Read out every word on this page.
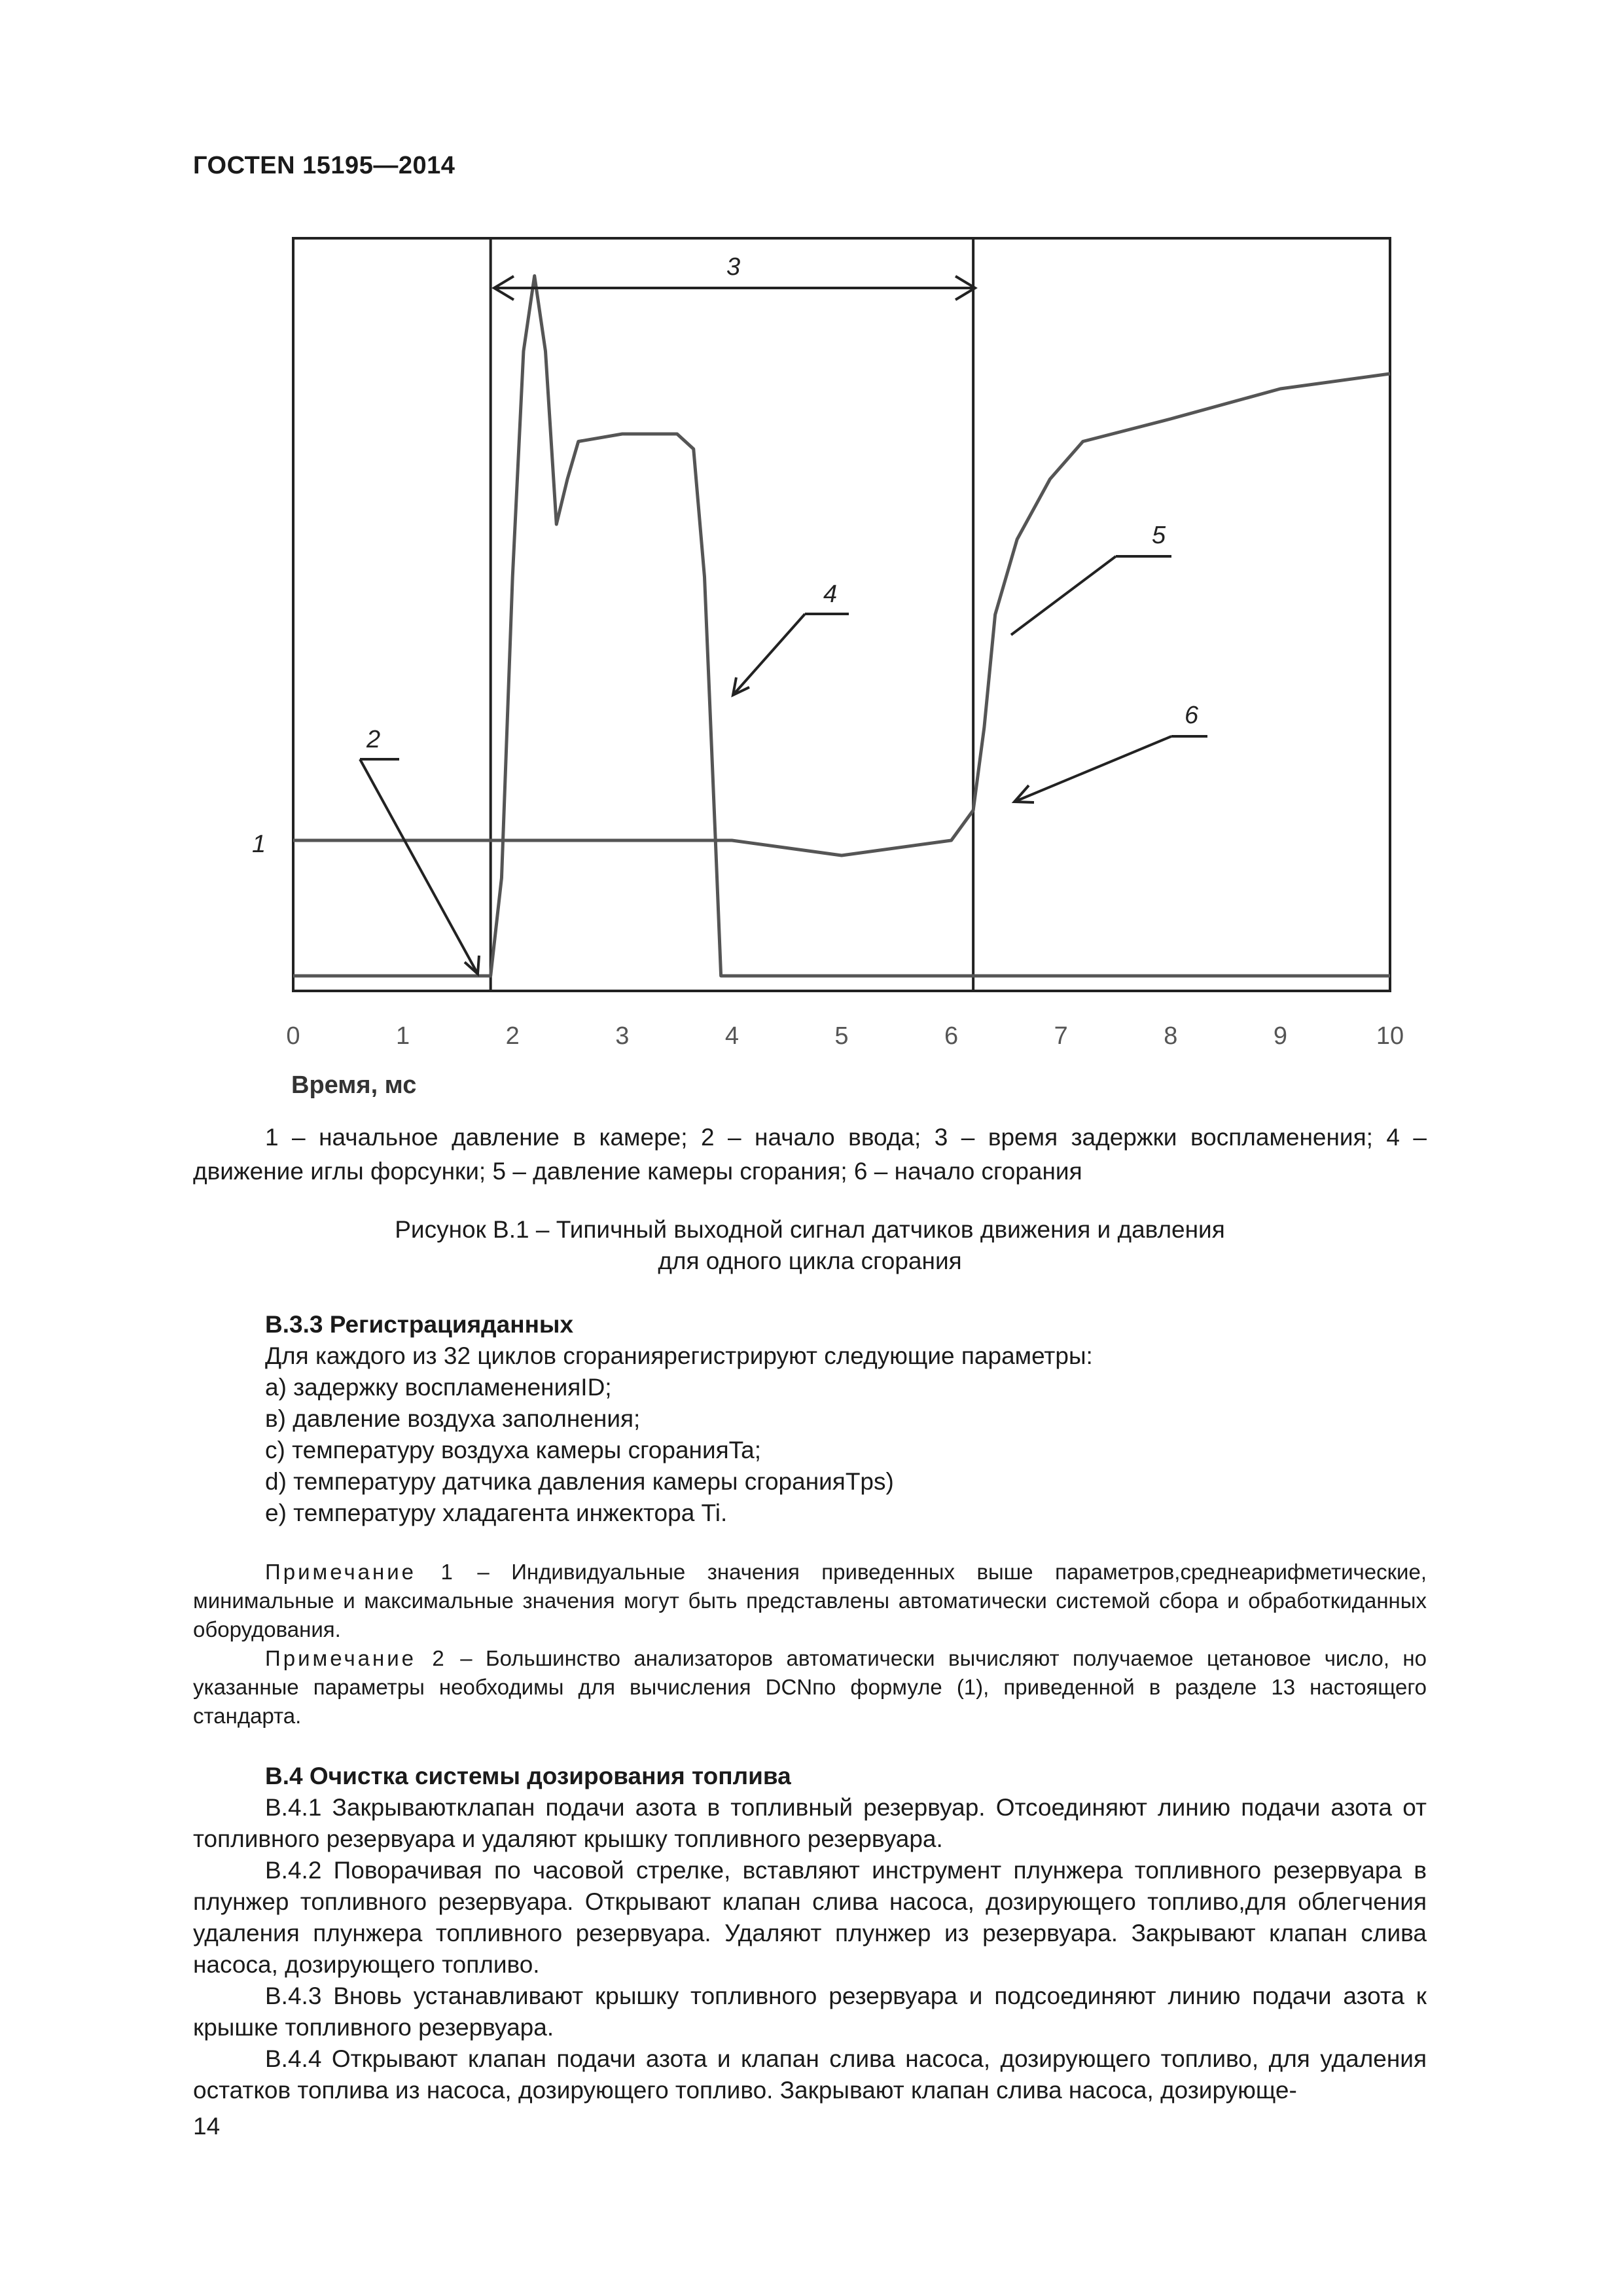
ГОСТЕN 15195—2014
0	1	2	3	4	5	6	7	8	9	10
Время, мс
3
4
5
6
2
1

1 – начальное давление в камере; 2 – начало ввода; 3 – время задержки воспламенения; 4 – движение иглы форсунки; 5 – давление камеры сгорания; 6 – начало сгорания

Рисунок В.1 – Типичный выходной сигнал датчиков движения и давления
для одного цикла сгорания

В.3.3 Регистрацияданных

Для каждого из 32 циклов сгораниярегистрируют следующие параметры:

а) задержку воспламененияID;

в) давление воздуха заполнения;

с) температуру воздуха камеры сгоранияTa;

d) температуру датчика давления камеры сгоранияTps)

е) температуру хладагента инжектора Ti.

Примечание 1 – Индивидуальные значения приведенных выше параметров,среднеарифметические, минимальные и максимальные значения могут быть представлены автоматически системой сбора и обработкиданных оборудования.

Примечание 2 – Большинство анализаторов автоматически вычисляют получаемое цетановое число, но указанные параметры необходимы для вычисления DCNпо формуле (1), приведенной в разделе 13 настоящего стандарта.

В.4 Очистка системы дозирования топлива

В.4.1 Закрываютклапан подачи азота в топливный резервуар. Отсоединяют линию подачи азота от топливного резервуара и удаляют крышку топливного резервуара.

В.4.2 Поворачивая по часовой стрелке, вставляют инструмент плунжера топливного резервуара в плунжер топливного резервуара. Открывают клапан слива насоса, дозирующего топливо,для облегчения удаления плунжера топливного резервуара. Удаляют плунжер из резервуара. Закрывают клапан слива насоса, дозирующего топливо.

В.4.3 Вновь устанавливают крышку топливного резервуара и подсоединяют линию подачи азота к крышке топливного резервуара.

В.4.4 Открывают клапан подачи азота и клапан слива насоса, дозирующего топливо, для удаления остатков топлива из насоса, дозирующего топливо. Закрывают клапан слива насоса, дозирующе-

14
